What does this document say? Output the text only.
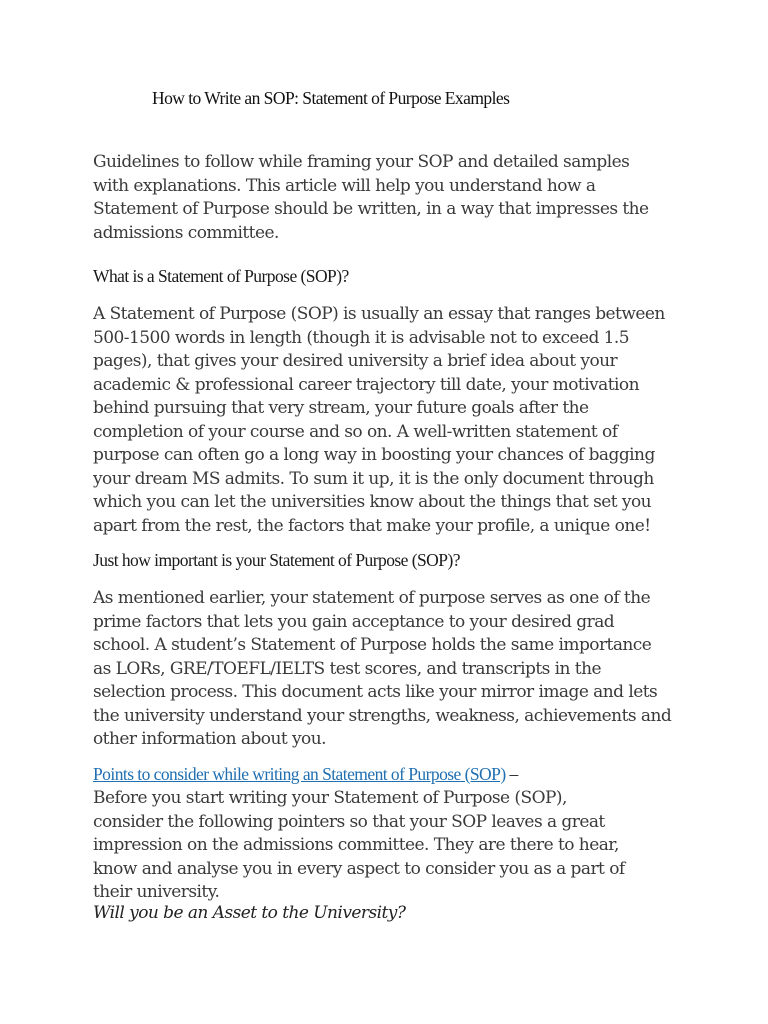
How to Write an SOP: Statement of Purpose Examples

Guidelines to follow while framing your SOP and detailed samples
with explanations. This article will help you understand how a
Statement of Purpose should be written, in a way that impresses the
admissions committee.

What is a Statement of Purpose (SOP)?

A Statement of Purpose (SOP) is usually an essay that ranges between
500-1500 words in length (though it is advisable not to exceed 1.5
pages), that gives your desired university a brief idea about your
academic & professional career trajectory till date, your motivation
behind pursuing that very stream, your future goals after the
completion of your course and so on. A well-written statement of
purpose can often go a long way in boosting your chances of bagging
your dream MS admits. To sum it up, it is the only document through
which you can let the universities know about the things that set you
apart from the rest, the factors that make your profile, a unique one!

Just how important is your Statement of Purpose (SOP)?

As mentioned earlier, your statement of purpose serves as one of the
prime factors that lets you gain acceptance to your desired grad
school. A student’s Statement of Purpose holds the same importance
as LORs, GRE/TOEFL/IELTS test scores, and transcripts in the
selection process. This document acts like your mirror image and lets
the university understand your strengths, weakness, achievements and
other information about you.

Points to consider while writing an Statement of Purpose (SOP) –

Before you start writing your Statement of Purpose (SOP),
consider the following pointers so that your SOP leaves a great
impression on the admissions committee. They are there to hear,
know and analyse you in every aspect to consider you as a part of
their university.

Will you be an Asset to the University?
